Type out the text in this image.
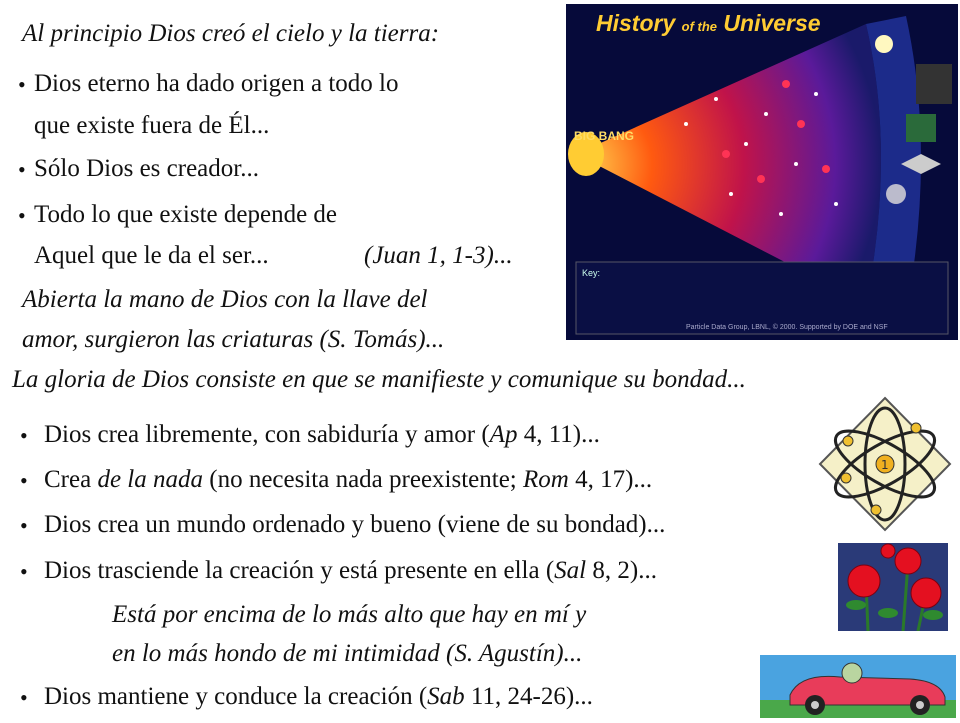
Al principio Dios creó el cielo y la tierra:
• Dios eterno ha dado origen a todo lo
que existe fuera de Él...
• Sólo Dios es creador...
• Todo lo que existe depende de
Aquel que le da el ser...	(Juan 1, 1-3)...
Abierta la mano de Dios con la llave del
amor, surgieron las criaturas (S. Tomás)...
History of the Universe
BIG BANG
Key:
Particle Data Group, LBNL, © 2000. Supported by DOE and NSF
La gloria de Dios consiste en que se manifieste y comunique su bondad...
• Dios crea libremente, con sabiduría y amor (Ap 4, 11)...
• Crea de la nada (no necesita nada preexistente; Rom 4, 17)...
• Dios crea un mundo ordenado y bueno (viene de su bondad)...
• Dios trasciende la creación y está presente en ella (Sal 8, 2)...
Está por encima de lo más alto que hay en mí y
en lo más hondo de mi intimidad (S. Agustín)...
• Dios mantiene y conduce la creación (Sab 11, 24-26)...
1
